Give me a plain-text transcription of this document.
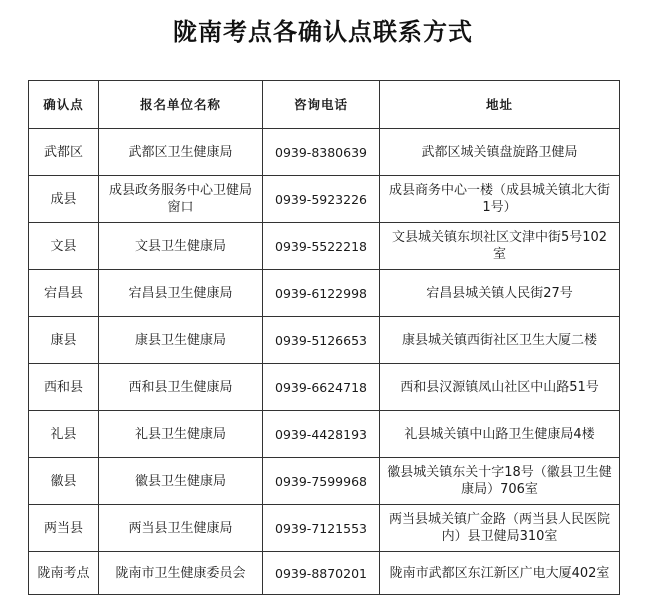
陇南考点各确认点联系方式
确认点	报名单位名称	咨询电话	地址
武都区	武都区卫生健康局	0939-8380639	武都区城关镇盘旋路卫健局
成县	成县政务服务中心卫健局窗口	0939-5923226	成县商务中心一楼（成县城关镇北大街1号）
文县	文县卫生健康局	0939-5522218	文县城关镇东坝社区文津中街5号102室
宕昌县	宕昌县卫生健康局	0939-6122998	宕昌县城关镇人民街27号
康县	康县卫生健康局	0939-5126653	康县城关镇西街社区卫生大厦二楼
西和县	西和县卫生健康局	0939-6624718	西和县汉源镇凤山社区中山路51号
礼县	礼县卫生健康局	0939-4428193	礼县城关镇中山路卫生健康局4楼
徽县	徽县卫生健康局	0939-7599968	徽县城关镇东关十字18号（徽县卫生健康局）706室
两当县	两当县卫生健康局	0939-7121553	两当县城关镇广金路（两当县人民医院内）县卫健局310室
陇南考点	陇南市卫生健康委员会	0939-8870201	陇南市武都区东江新区广电大厦402室
